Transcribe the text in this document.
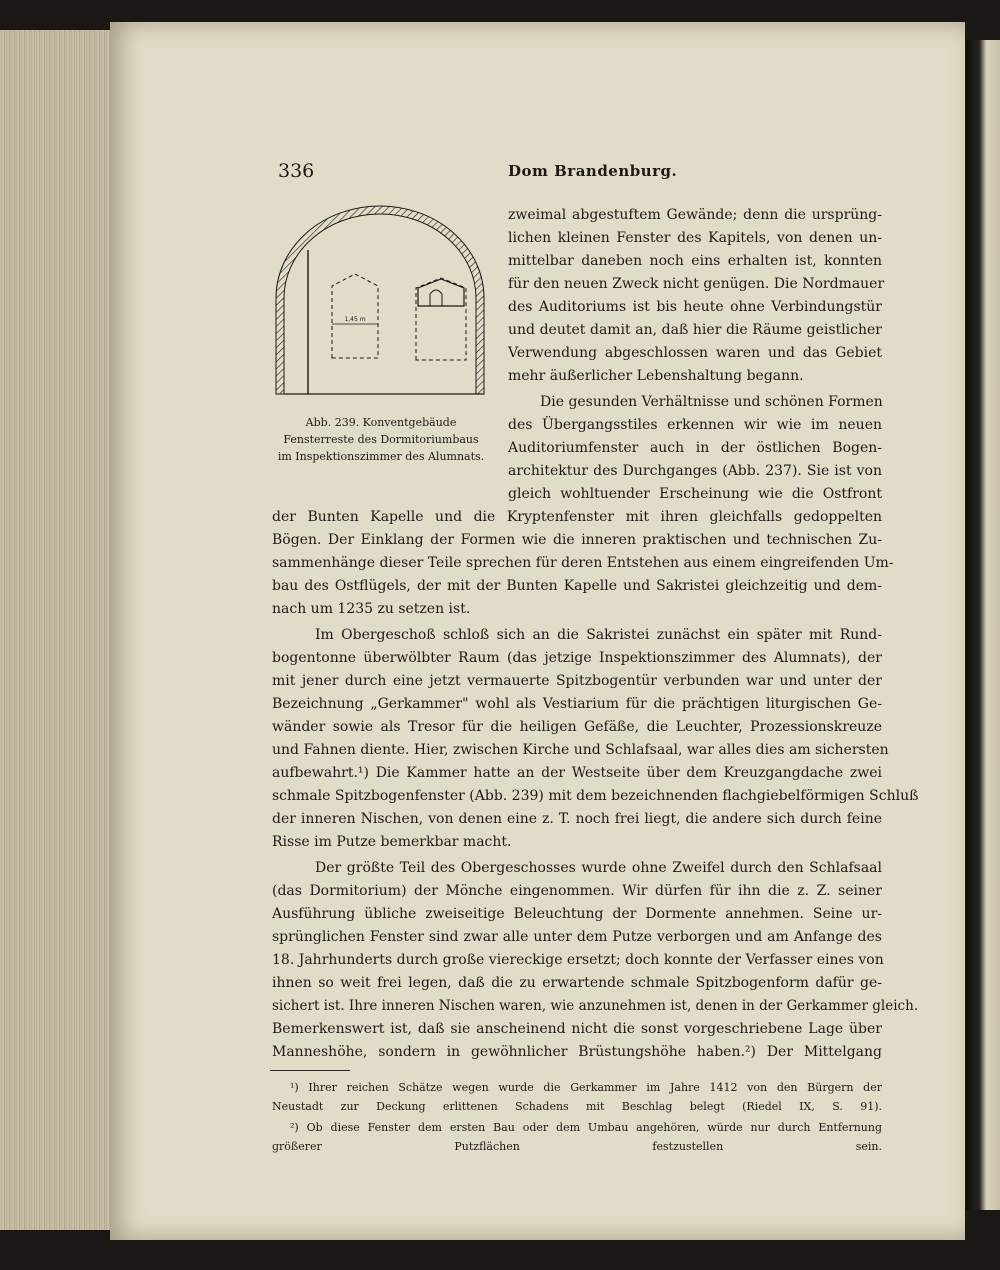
336	Dom Brandenburg.
1,45 m
Abb. 239. Konventgebäude
Fensterreste des Dormitoriumbaus
im Inspektionszimmer des Alumnats.
zweimal abgestuftem Gewände; denn die ursprüng-
lichen kleinen Fenster des Kapitels, von denen un-
mittelbar daneben noch eins erhalten ist, konnten
für den neuen Zweck nicht genügen. Die Nordmauer
des Auditoriums ist bis heute ohne Verbindungstür
und deutet damit an, daß hier die Räume geistlicher
Verwendung abgeschlossen waren und das Gebiet
mehr äußerlicher Lebenshaltung begann.
Die gesunden Verhältnisse und schönen Formen
des Übergangsstiles erkennen wir wie im neuen
Auditoriumfenster auch in der östlichen Bogen-
architektur des Durchganges (Abb. 237). Sie ist von
gleich wohltuender Erscheinung wie die Ostfront
der Bunten Kapelle und die Kryptenfenster mit ihren gleichfalls gedoppelten
Bögen. Der Einklang der Formen wie die inneren praktischen und technischen Zu-
sammenhänge dieser Teile sprechen für deren Entstehen aus einem eingreifenden Um-
bau des Ostflügels, der mit der Bunten Kapelle und Sakristei gleichzeitig und dem-
nach um 1235 zu setzen ist.
Im Obergeschoß schloß sich an die Sakristei zunächst ein später mit Rund-
bogentonne überwölbter Raum (das jetzige Inspektionszimmer des Alumnats), der
mit jener durch eine jetzt vermauerte Spitzbogentür verbunden war und unter der
Bezeichnung „Gerkammer" wohl als Vestiarium für die prächtigen liturgischen Ge-
wänder sowie als Tresor für die heiligen Gefäße, die Leuchter, Prozessionskreuze
und Fahnen diente. Hier, zwischen Kirche und Schlafsaal, war alles dies am sichersten
aufbewahrt.¹) Die Kammer hatte an der Westseite über dem Kreuzgangdache zwei
schmale Spitzbogenfenster (Abb. 239) mit dem bezeichnenden flachgiebelförmigen Schluß
der inneren Nischen, von denen eine z. T. noch frei liegt, die andere sich durch feine
Risse im Putze bemerkbar macht.
Der größte Teil des Obergeschosses wurde ohne Zweifel durch den Schlafsaal
(das Dormitorium) der Mönche eingenommen. Wir dürfen für ihn die z. Z. seiner
Ausführung übliche zweiseitige Beleuchtung der Dormente annehmen. Seine ur-
sprünglichen Fenster sind zwar alle unter dem Putze verborgen und am Anfange des
18. Jahrhunderts durch große viereckige ersetzt; doch konnte der Verfasser eines von
ihnen so weit frei legen, daß die zu erwartende schmale Spitzbogenform dafür ge-
sichert ist. Ihre inneren Nischen waren, wie anzunehmen ist, denen in der Gerkammer gleich.
Bemerkenswert ist, daß sie anscheinend nicht die sonst vorgeschriebene Lage über
Manneshöhe, sondern in gewöhnlicher Brüstungshöhe haben.²) Der Mittelgang
¹) Ihrer reichen Schätze wegen wurde die Gerkammer im Jahre 1412 von den Bürgern der
Neustadt zur Deckung erlittenen Schadens mit Beschlag belegt (Riedel IX, S. 91).
²) Ob diese Fenster dem ersten Bau oder dem Umbau angehören, würde nur durch Entfernung
größerer Putzflächen festzustellen sein.
